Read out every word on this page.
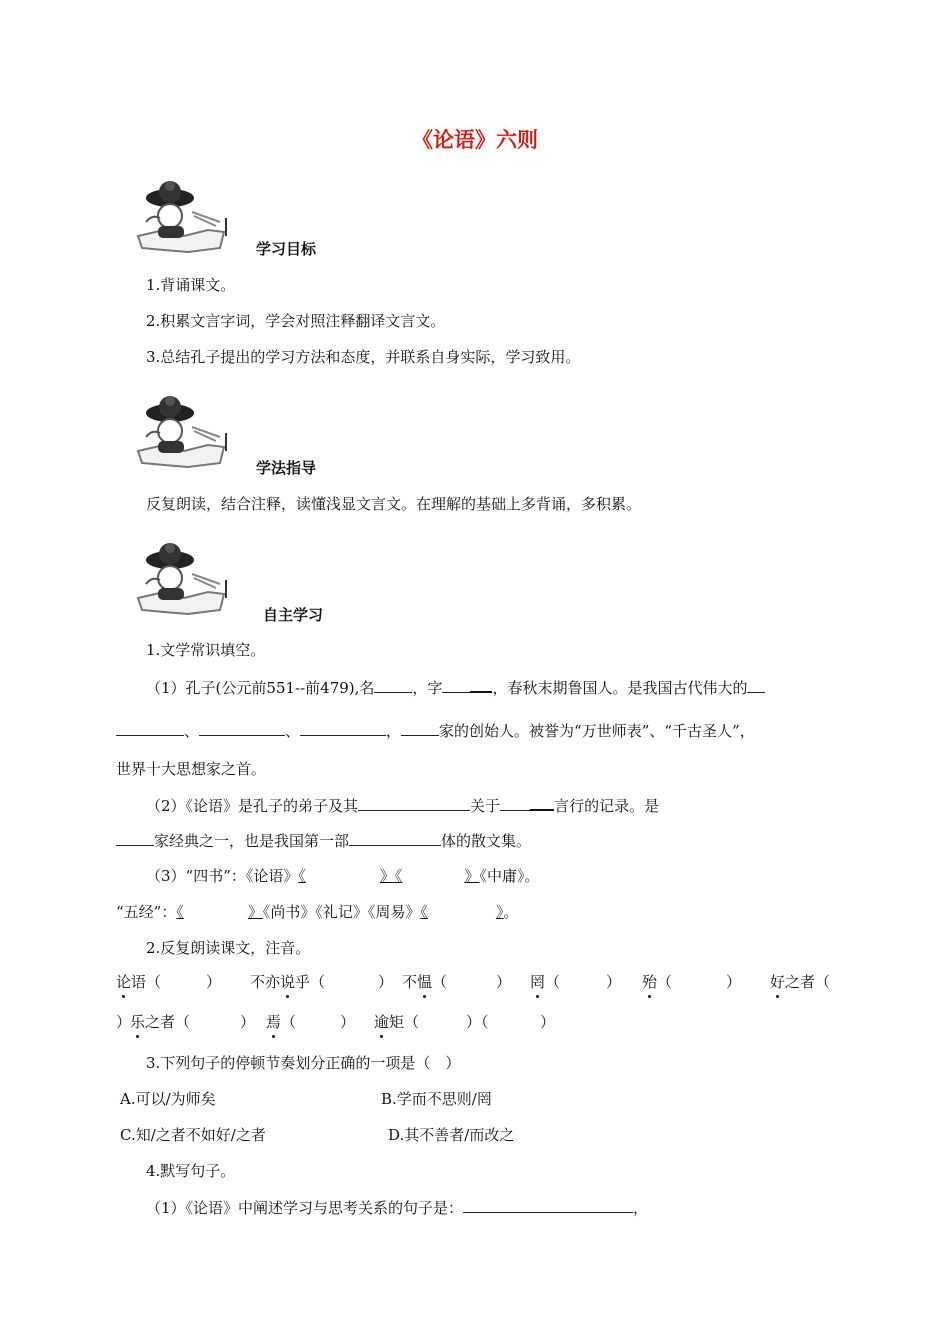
《论语》六则
学习目标
1.背诵课文。
2.积累文言字词，学会对照注释翻译文言文。
3.总结孔子提出的学习方法和态度，并联系自身实际，学习致用。
学法指导
反复朗读，结合注释，读懂浅显文言文。在理解的基础上多背诵，多积累。
自主学习
1.文学常识填空。
（1）孔子(公元前551--前479),名	，字	，春秋末期鲁国人。是我国古代伟大的
、	、	，	家的创始人。被誉为“万世师表”、“千古圣人”，
世界十大思想家之首。
（2）《论语》是孔子的弟子及其	关于	言行的记录。是
家经典之一，也是我国第一部	体的散文集。
（3）“四书”：《论语》《	》《	》《中庸》。
“五经”：《	》《尚书》《礼记》《周易》《	》。
2.反复朗读课文，注音。
论语（	） 不亦说乎（	） 不愠（	） 罔（	） 殆（	） 好之者（
）
乐之者（	） 焉（	） 逾矩（	）（	）
3.下列句子的停顿节奏划分正确的一项是（　）
A.可以/为师矣	B.学而不思则/罔
C.知/之者不如好/之者	D.其不善者/而改之
4.默写句子。
（1）《论语》中阐述学习与思考关系的句子是：	，
